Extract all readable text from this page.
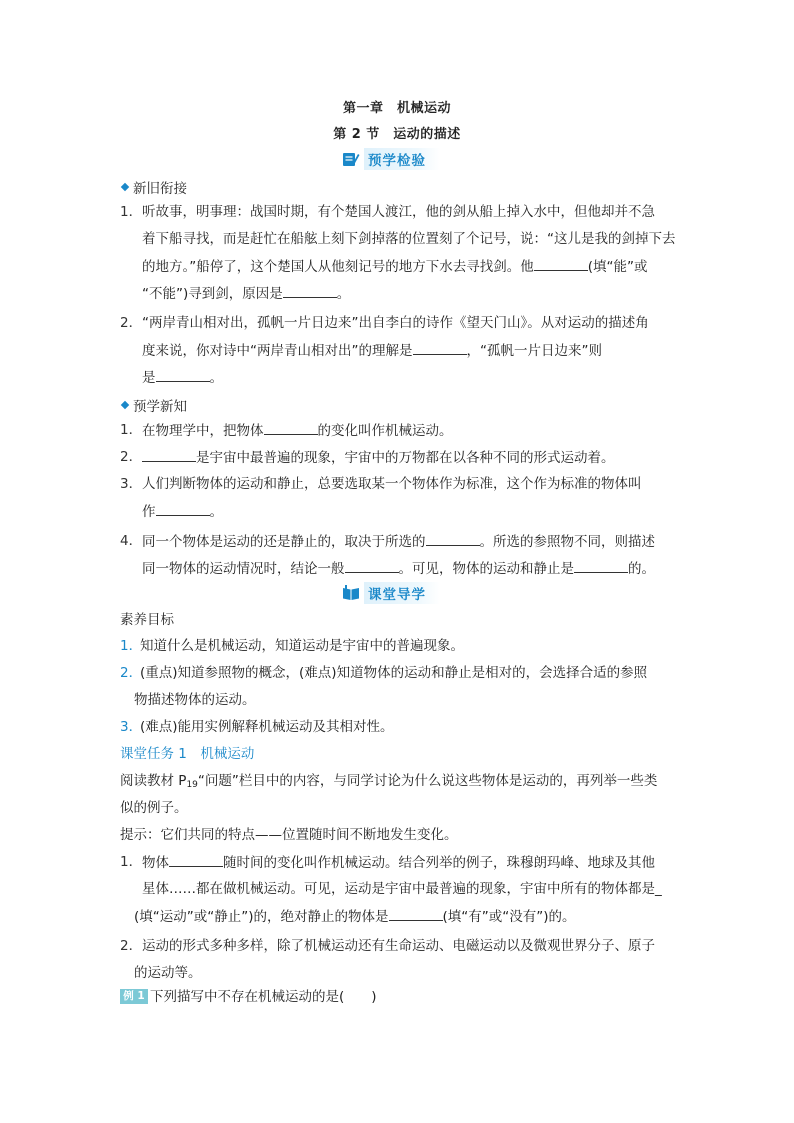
第一章　机械运动
第 2 节　运动的描述
预学检验
新旧衔接
1． 听故事，明事理：战国时期，有个楚国人渡江，他的剑从船上掉入水中，但他却并不急
着下船寻找，而是赶忙在船舷上刻下剑掉落的位置刻了个记号，说：“这儿是我的剑掉下去
的地方。”船停了，这个楚国人从他刻记号的地方下水去寻找剑。他	(填“能”或
“不能”)寻到剑，原因是	。
2． “两岸青山相对出，孤帆一片日边来”出自李白的诗作《望天门山》。从对运动的描述角
度来说，你对诗中“两岸青山相对出”的理解是	，“孤帆一片日边来”则
是	。
预学新知
1． 在物理学中，把物体	的变化叫作机械运动。
2．	是宇宙中最普遍的现象，宇宙中的万物都在以各种不同的形式运动着。
3． 人们判断物体的运动和静止，总要选取某一个物体作为标准，这个作为标准的物体叫
作	。
4． 同一个物体是运动的还是静止的，取决于所选的	。所选的参照物不同，则描述
同一物体的运动情况时，结论一般	。可见，物体的运动和静止是	的。
课堂导学
素养目标
1．
知道什么是机械运动，知道运动是宇宙中的普遍现象。
2．
(重点)知道参照物的概念，(难点)知道物体的运动和静止是相对的，会选择合适的参照
物描述物体的运动。
3．
(难点)能用实例解释机械运动及其相对性。
课堂任务 1　机械运动
阅读教材 $P_{19}“$问题”栏目中的内容，与同学讨论为什么说这些物体是运动的，再列举一些类
似的例子。
提示：它们共同的特点——位置随时间不断地发生变化。
1． 物体	随时间的变化叫作机械运动。结合列举的例子，珠穆朗玛峰、地球及其他
星体……都在做机械运动。可见，运动是宇宙中最普遍的现象，宇宙中所有的物体都是_
(填“运动”或“静止”)的，绝对静止的物体是	(填“有”或“没有”)的。
2． 运动的形式多种多样，除了机械运动还有生命运动、电磁运动以及微观世界分子、原子
的运动等。
例 1 下列描写中不存在机械运动的是(　　)
